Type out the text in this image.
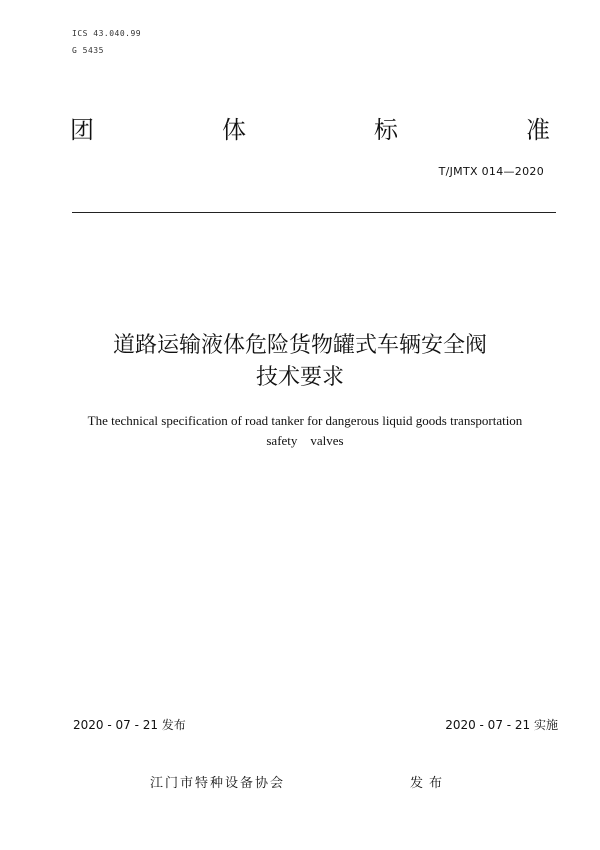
ICS 43.040.99
G 5435
团	体	标	准
T/JMTX 014—2020
道路运输液体危险货物罐式车辆安全阀
技术要求
The technical specification of road tanker for dangerous liquid goods transportation
safety    valves
2020 - 07 - 21 发布	2020 - 07 - 21 实施
江门市特种设备协会	发布
